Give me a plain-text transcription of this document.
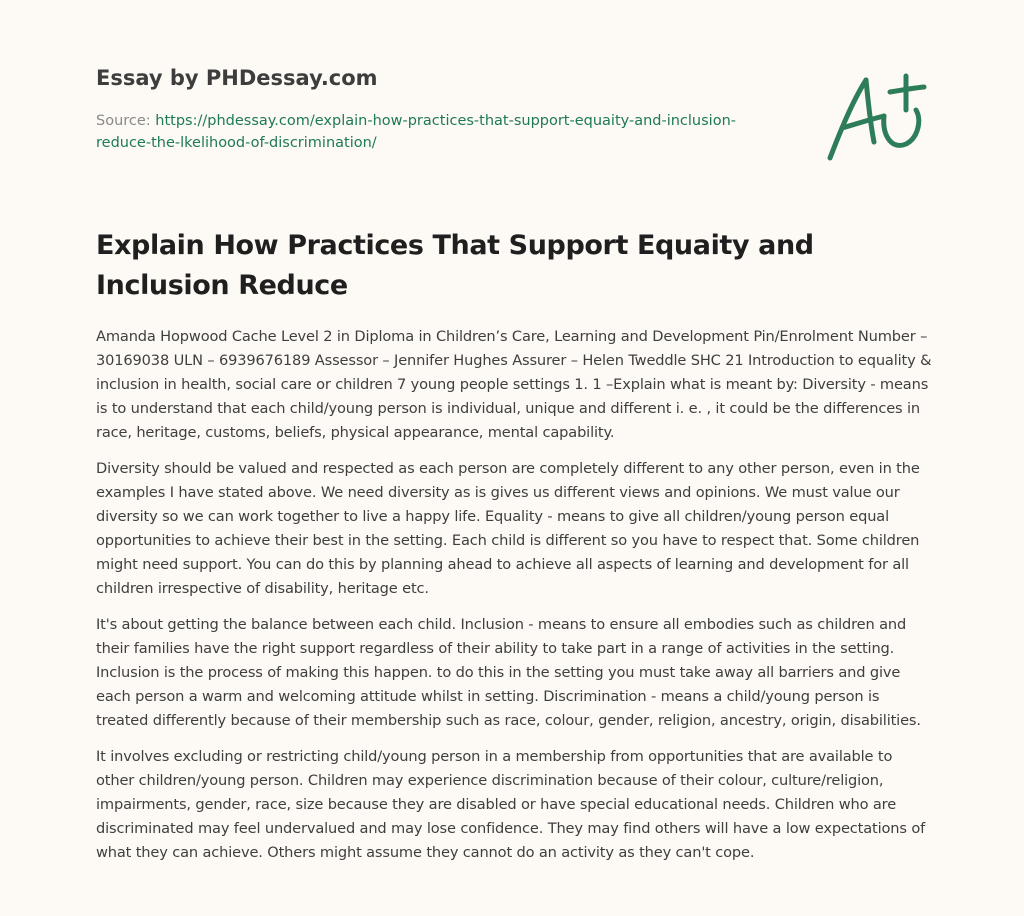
Essay by PHDessay.com
Source: https://phdessay.com/explain-how-practices-that-support-equaity-and-inclusion-reduce-the-lkelihood-of-discrimination/
Explain How Practices That Support Equaity and Inclusion Reduce

Amanda Hopwood Cache Level 2 in Diploma in Children’s Care, Learning and Development Pin/Enrolment Number – 30169038 ULN – 6939676189 Assessor – Jennifer Hughes Assurer – Helen Tweddle SHC 21 Introduction to equality & inclusion in health, social care or children 7 young people settings 1. 1 –Explain what is meant by: Diversity - means is to understand that each child/young person is individual, unique and different i. e. , it could be the differences in race, heritage, customs, beliefs, physical appearance, mental capability.

Diversity should be valued and respected as each person are completely different to any other person, even in the examples I have stated above. We need diversity as is gives us different views and opinions. We must value our diversity so we can work together to live a happy life. Equality - means to give all children/young person equal opportunities to achieve their best in the setting. Each child is different so you have to respect that. Some children might need support. You can do this by planning ahead to achieve all aspects of learning and development for all children irrespective of disability, heritage etc.

It's about getting the balance between each child. Inclusion - means to ensure all embodies such as children and their families have the right support regardless of their ability to take part in a range of activities in the setting. Inclusion is the process of making this happen. to do this in the setting you must take away all barriers and give each person a warm and welcoming attitude whilst in setting. Discrimination - means a child/young person is treated differently because of their membership such as race, colour, gender, religion, ancestry, origin, disabilities.

It involves excluding or restricting child/young person in a membership from opportunities that are available to other children/young person. Children may experience discrimination because of their colour, culture/religion, impairments, gender, race, size because they are disabled or have special educational needs. Children who are discriminated may feel undervalued and may lose confidence. They may find others will have a low expectations of what they can achieve. Others might assume they cannot do an activity as they can't cope.
